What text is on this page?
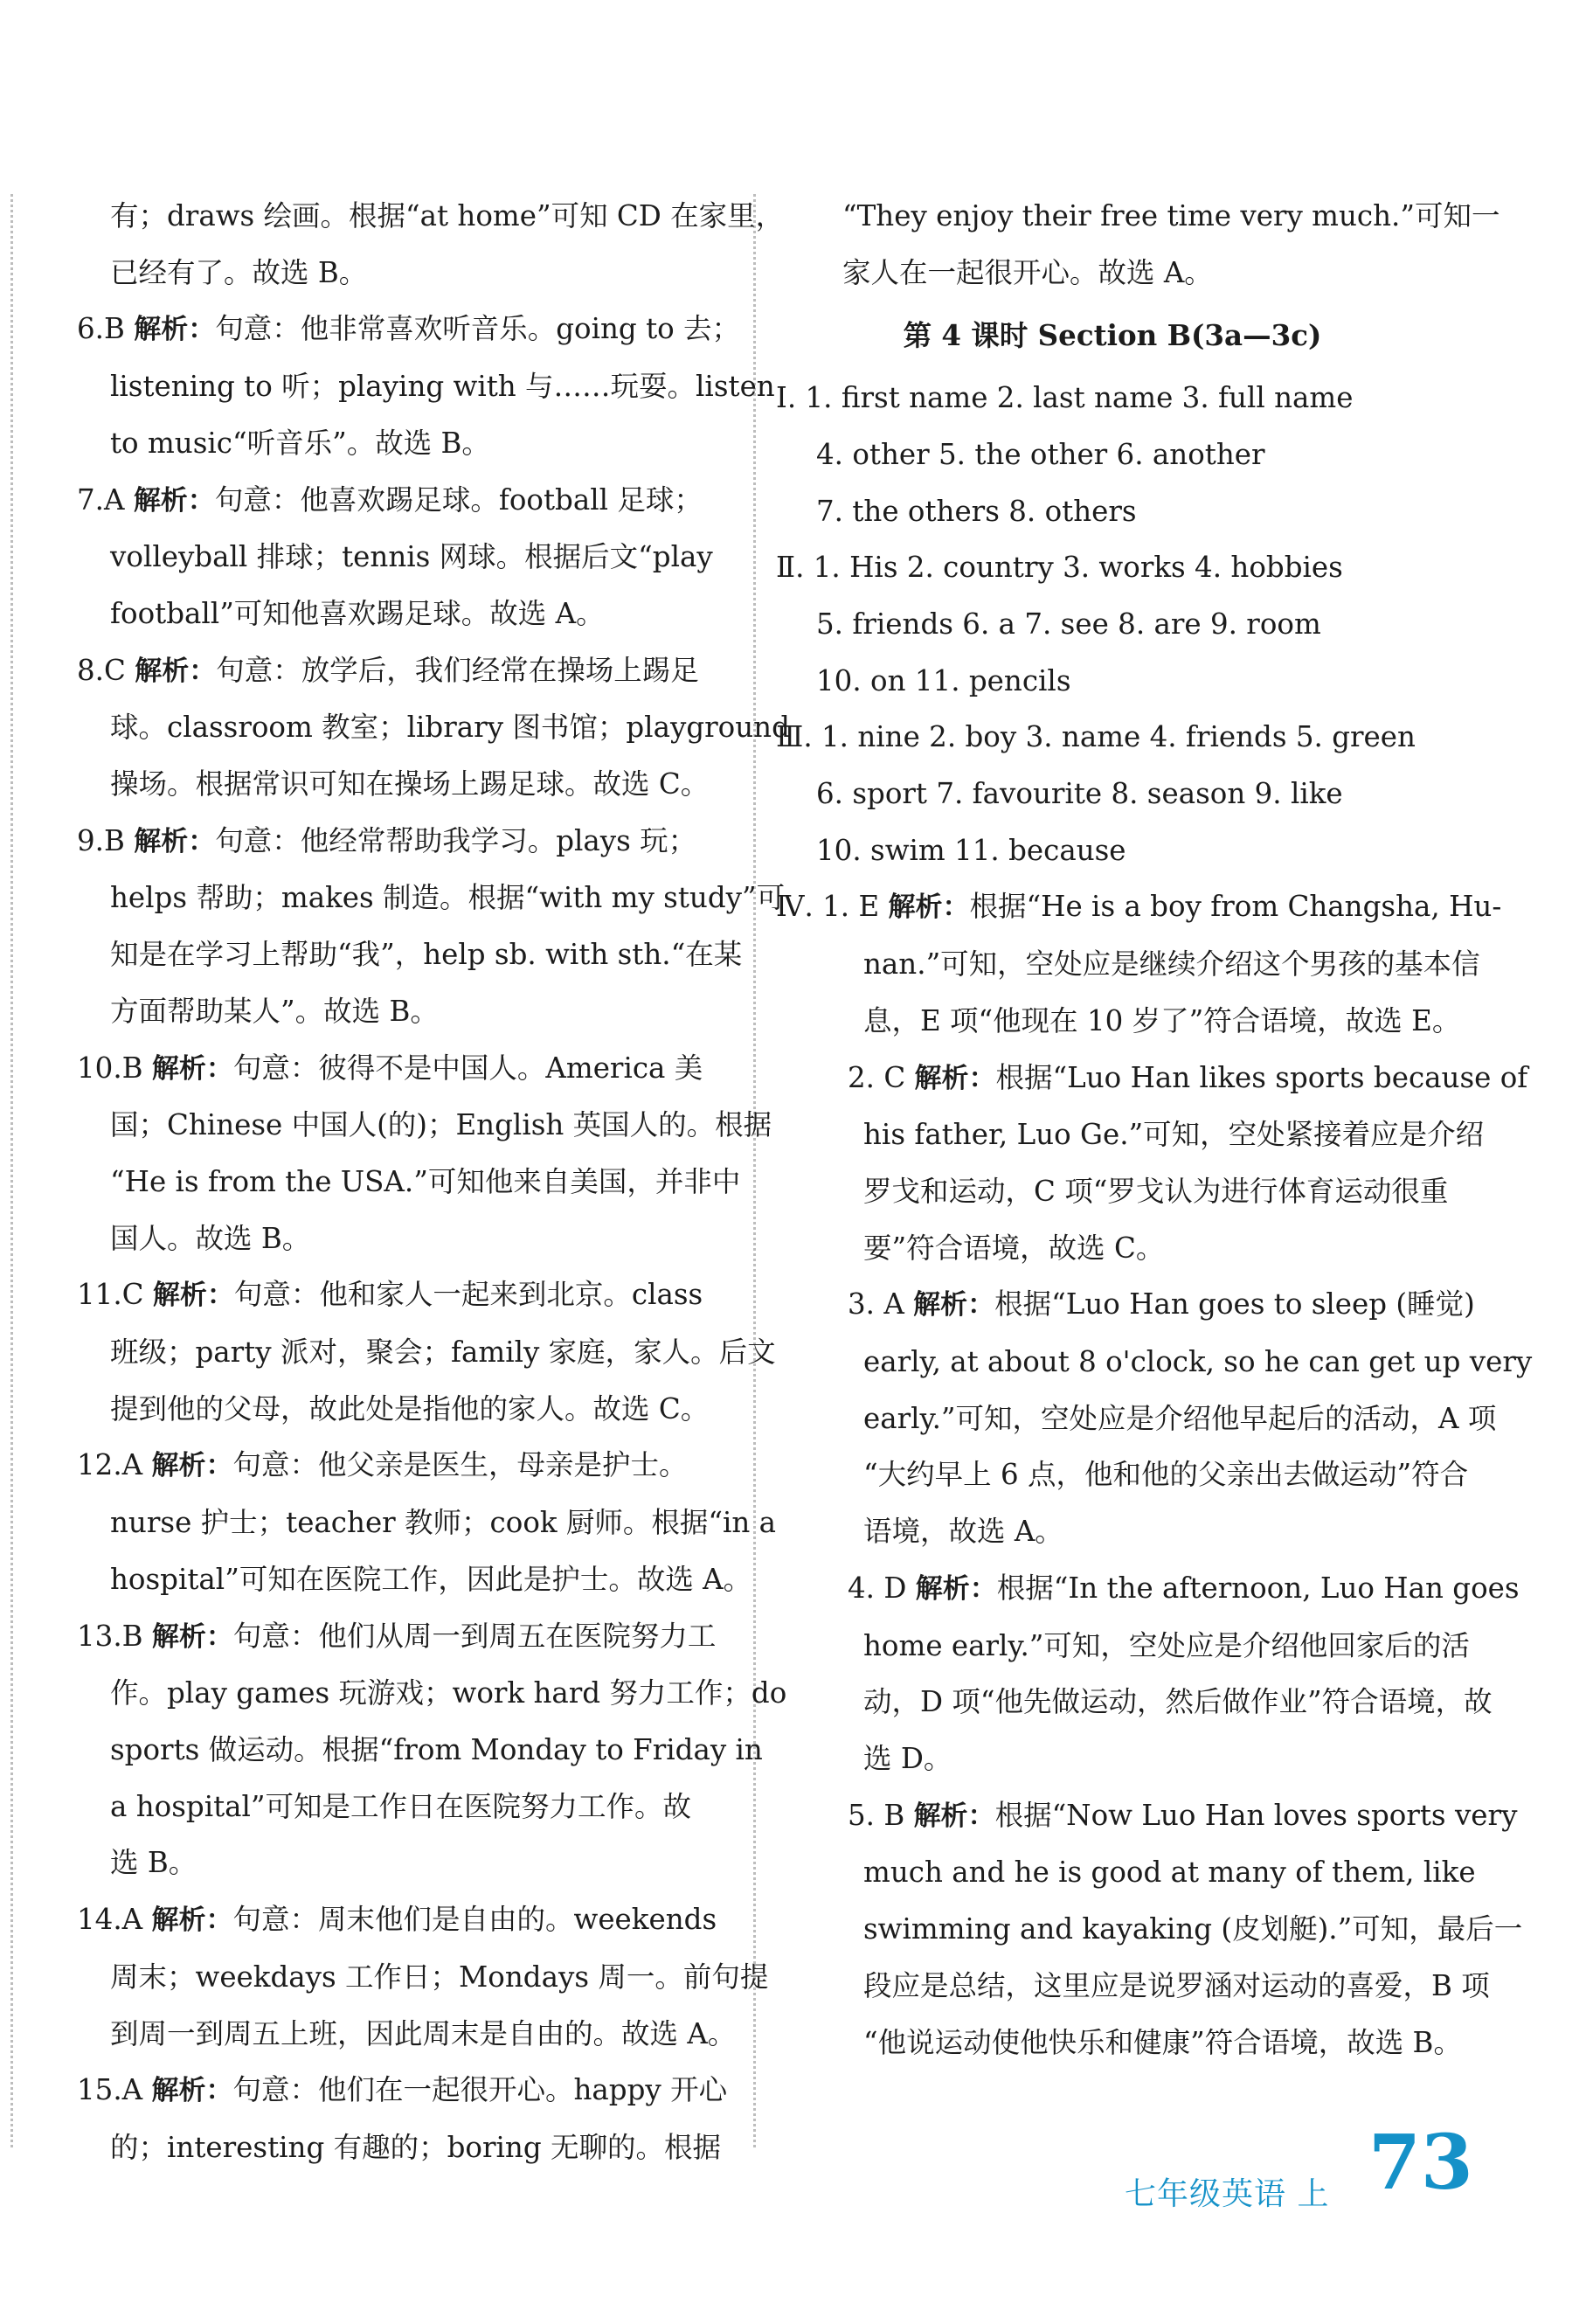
有；draws 绘画。根据“at home”可知 CD 在家里，
已经有了。故选 B。
6.B 解析：句意：他非常喜欢听音乐。going to 去；
listening to 听；playing with 与……玩耍。listen
to music“听音乐”。故选 B。
7.A 解析：句意：他喜欢踢足球。football 足球；
volleyball 排球；tennis 网球。根据后文“play
football”可知他喜欢踢足球。故选 A。
8.C 解析：句意：放学后，我们经常在操场上踢足
球。classroom 教室；library 图书馆；playground
操场。根据常识可知在操场上踢足球。故选 C。
9.B 解析：句意：他经常帮助我学习。plays 玩；
helps 帮助；makes 制造。根据“with my study”可
知是在学习上帮助“我”，help sb. with sth.“在某
方面帮助某人”。故选 B。
10.B 解析：句意：彼得不是中国人。America 美
国；Chinese 中国人(的)；English 英国人的。根据
“He is from the USA.”可知他来自美国，并非中
国人。故选 B。
11.C 解析：句意：他和家人一起来到北京。class
班级；party 派对，聚会；family 家庭，家人。后文
提到他的父母，故此处是指他的家人。故选 C。
12.A 解析：句意：他父亲是医生，母亲是护士。
nurse 护士；teacher 教师；cook 厨师。根据“in a
hospital”可知在医院工作，因此是护士。故选 A。
13.B 解析：句意：他们从周一到周五在医院努力工
作。play games 玩游戏；work hard 努力工作；do
sports 做运动。根据“from Monday to Friday in
a hospital”可知是工作日在医院努力工作。故
选 B。
14.A 解析：句意：周末他们是自由的。weekends
周末；weekdays 工作日；Mondays 周一。前句提
到周一到周五上班，因此周末是自由的。故选 A。
15.A 解析：句意：他们在一起很开心。happy 开心
的；interesting 有趣的；boring 无聊的。根据
“They enjoy their free time very much.”可知一
家人在一起很开心。故选 A。
第 4 课时 Section B(3a—3c)
Ⅰ. 1. first name 2. last name 3. full name
4. other 5. the other 6. another
7. the others 8. others
Ⅱ. 1. His 2. country 3. works 4. hobbies
5. friends 6. a 7. see 8. are 9. room
10. on 11. pencils
Ⅲ. 1. nine 2. boy 3. name 4. friends 5. green
6. sport 7. favourite 8. season 9. like
10. swim 11. because
Ⅳ. 1. E 解析：根据“He is a boy from Changsha, Hu-
nan.”可知，空处应是继续介绍这个男孩的基本信
息，E 项“他现在 10 岁了”符合语境，故选 E。
2. C 解析：根据“Luo Han likes sports because of
his father, Luo Ge.”可知，空处紧接着应是介绍
罗戈和运动，C 项“罗戈认为进行体育运动很重
要”符合语境，故选 C。
3. A 解析：根据“Luo Han goes to sleep (睡觉)
early, at about 8 o'clock, so he can get up very
early.”可知，空处应是介绍他早起后的活动，A 项
“大约早上 6 点，他和他的父亲出去做运动”符合
语境，故选 A。
4. D 解析：根据“In the afternoon, Luo Han goes
home early.”可知，空处应是介绍他回家后的活
动，D 项“他先做运动，然后做作业”符合语境，故
选 D。
5. B 解析：根据“Now Luo Han loves sports very
much and he is good at many of them, like
swimming and kayaking (皮划艇).”可知，最后一
段应是总结，这里应是说罗涵对运动的喜爱，B 项
“他说运动使他快乐和健康”符合语境，故选 B。
七年级英语 上 73
